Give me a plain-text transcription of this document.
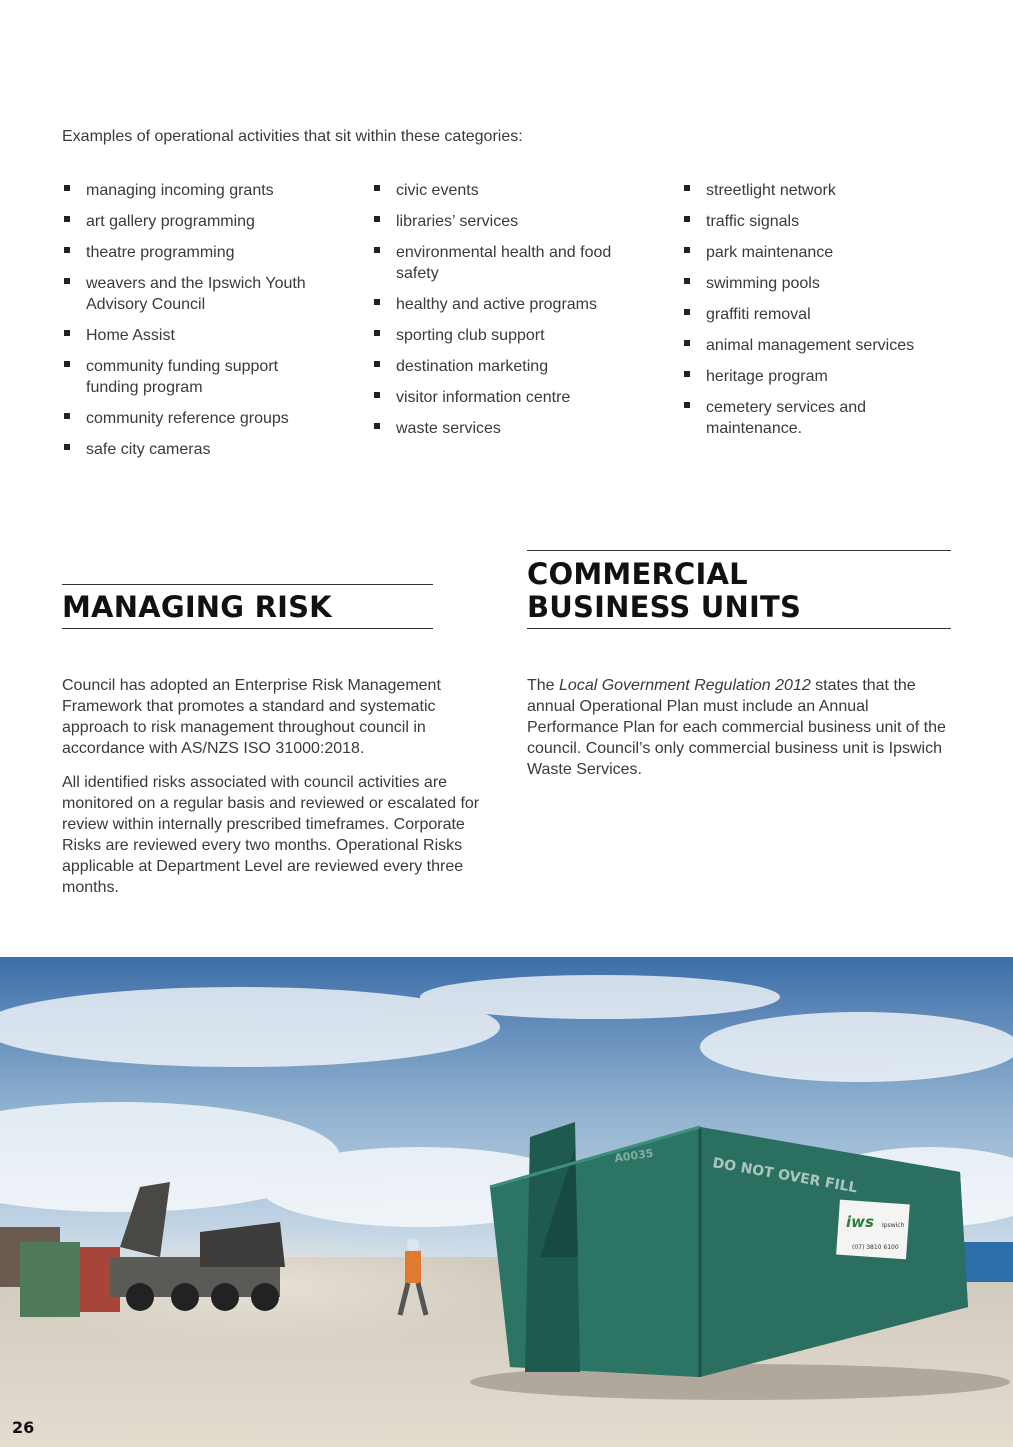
Examples of operational activities that sit within these categories:

managing incoming grants
art gallery programming
theatre programming
weavers and the Ipswich Youth Advisory Council
Home Assist
community funding support funding program
community reference groups
safe city cameras
civic events
libraries’ services
environmental health and food safety
healthy and active programs
sporting club support
destination marketing
visitor information centre
waste services
streetlight network
traffic signals
park maintenance
swimming pools
graffiti removal
animal management services
heritage program
cemetery services and maintenance.
MANAGING RISK
COMMERCIAL
BUSINESS UNITS

Council has adopted an Enterprise Risk Management Framework that promotes a standard and systematic approach to risk management throughout council in accordance with AS/NZS ISO 31000:2018.

All identified risks associated with council activities are monitored on a regular basis and reviewed or escalated for review within internally prescribed timeframes. Corporate Risks are reviewed every two months. Operational Risks applicable at Department Level are reviewed every three months.

The Local Government Regulation 2012 states that the annual Operational Plan must include an Annual Performance Plan for each commercial business unit of the council. Council’s only commercial business unit is Ipswich Waste Services.

DO NOT OVER FILL
A0035
iws Ipswich
(07) 3810 6100
26
